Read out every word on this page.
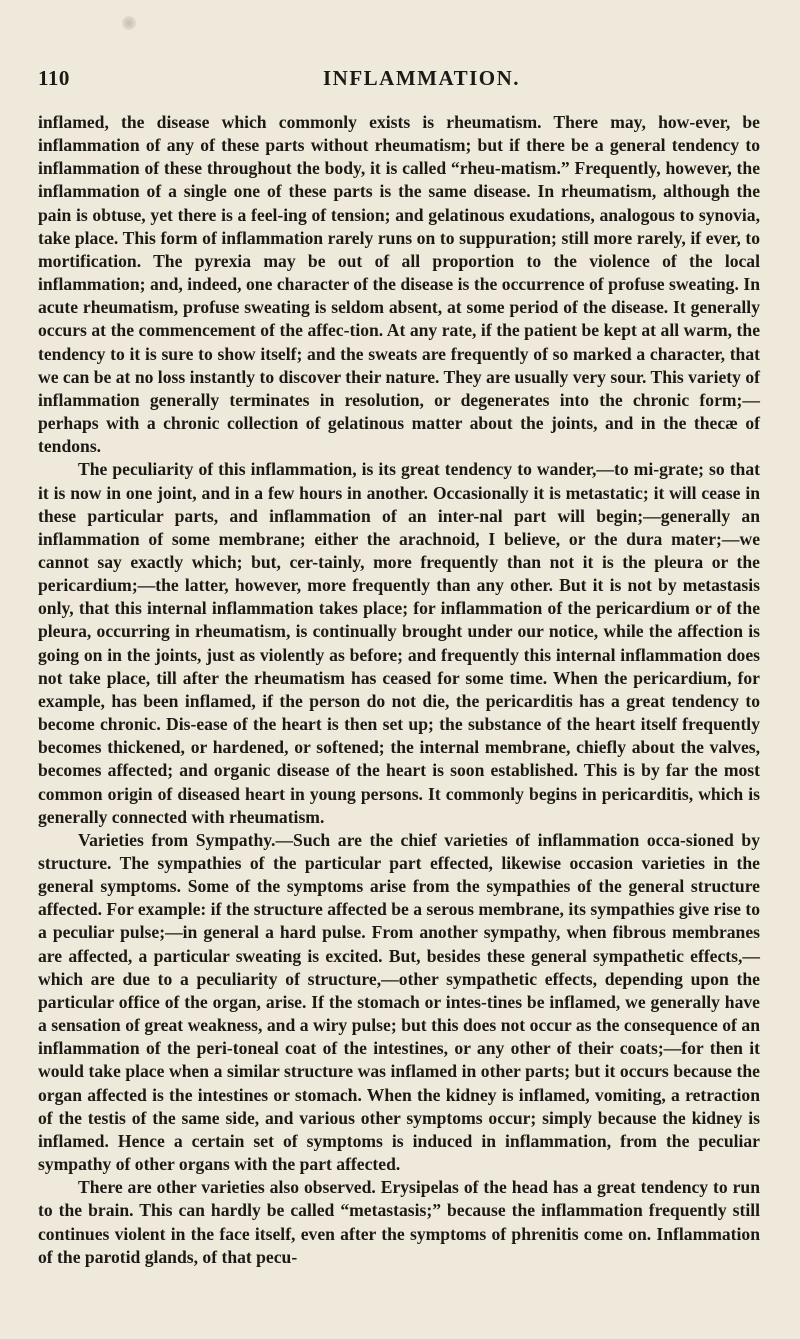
110	INFLAMMATION.

inflamed, the disease which commonly exists is rheumatism. There may, how-ever, be inflammation of any of these parts without rheumatism; but if there be a general tendency to inflammation of these throughout the body, it is called “rheu-matism.” Frequently, however, the inflammation of a single one of these parts is the same disease. In rheumatism, although the pain is obtuse, yet there is a feel-ing of tension; and gelatinous exudations, analogous to synovia, take place. This form of inflammation rarely runs on to suppuration; still more rarely, if ever, to mortification. The pyrexia may be out of all proportion to the violence of the local inflammation; and, indeed, one character of the disease is the occurrence of profuse sweating. In acute rheumatism, profuse sweating is seldom absent, at some period of the disease. It generally occurs at the commencement of the affec-tion. At any rate, if the patient be kept at all warm, the tendency to it is sure to show itself; and the sweats are frequently of so marked a character, that we can be at no loss instantly to discover their nature. They are usually very sour. This variety of inflammation generally terminates in resolution, or degenerates into the chronic form;—perhaps with a chronic collection of gelatinous matter about the joints, and in the thecæ of tendons.

The peculiarity of this inflammation, is its great tendency to wander,—to mi-grate; so that it is now in one joint, and in a few hours in another. Occasionally it is metastatic; it will cease in these particular parts, and inflammation of an inter-nal part will begin;—generally an inflammation of some membrane; either the arachnoid, I believe, or the dura mater;—we cannot say exactly which; but, cer-tainly, more frequently than not it is the pleura or the pericardium;—the latter, however, more frequently than any other. But it is not by metastasis only, that this internal inflammation takes place; for inflammation of the pericardium or of the pleura, occurring in rheumatism, is continually brought under our notice, while the affection is going on in the joints, just as violently as before; and frequently this internal inflammation does not take place, till after the rheumatism has ceased for some time. When the pericardium, for example, has been inflamed, if the person do not die, the pericarditis has a great tendency to become chronic. Dis-ease of the heart is then set up; the substance of the heart itself frequently becomes thickened, or hardened, or softened; the internal membrane, chiefly about the valves, becomes affected; and organic disease of the heart is soon established. This is by far the most common origin of diseased heart in young persons. It commonly begins in pericarditis, which is generally connected with rheumatism.

Varieties from Sympathy.—Such are the chief varieties of inflammation occa-sioned by structure. The sympathies of the particular part effected, likewise occasion varieties in the general symptoms. Some of the symptoms arise from the sympathies of the general structure affected. For example: if the structure affected be a serous membrane, its sympathies give rise to a peculiar pulse;—in general a hard pulse. From another sympathy, when fibrous membranes are affected, a particular sweating is excited. But, besides these general sympathetic effects,—which are due to a peculiarity of structure,—other sympathetic effects, depending upon the particular office of the organ, arise. If the stomach or intes-tines be inflamed, we generally have a sensation of great weakness, and a wiry pulse; but this does not occur as the consequence of an inflammation of the peri-toneal coat of the intestines, or any other of their coats;—for then it would take place when a similar structure was inflamed in other parts; but it occurs because the organ affected is the intestines or stomach. When the kidney is inflamed, vomiting, a retraction of the testis of the same side, and various other symptoms occur; simply because the kidney is inflamed. Hence a certain set of symptoms is induced in inflammation, from the peculiar sympathy of other organs with the part affected.

There are other varieties also observed. Erysipelas of the head has a great tendency to run to the brain. This can hardly be called “metastasis;” because the inflammation frequently still continues violent in the face itself, even after the symptoms of phrenitis come on. Inflammation of the parotid glands, of that pecu-
